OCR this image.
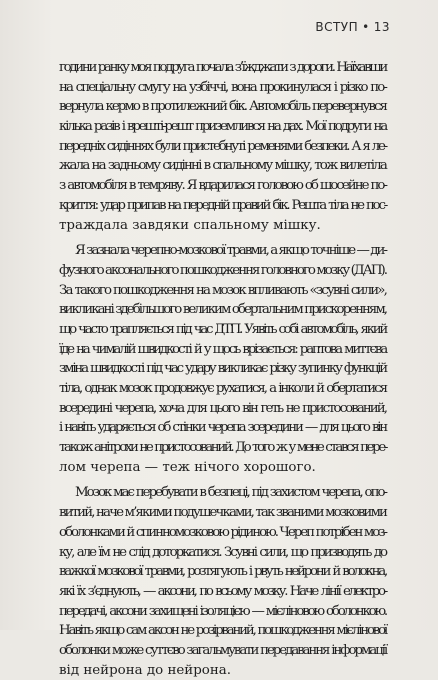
ВСТУП • 13
години ранку моя подруга почала з’їжджати з дороги. Наїхавши
на спеціальну смугу на узбіччі, вона прокинулася і різко по-
вернула кермо в протилежний бік. Автомобіль перевернувся
кілька разів і врешті-решт приземлився на дах. Мої подруги на
передніх сидіннях були пристебнуті ременями безпеки. А я ле-
жала на задньому сидінні в спальному мішку, тож вилетіла
з автомобіля в темряву. Я вдарилася головою об шосейне по-
криття: удар припав на передній правий бік. Решта тіла не пос-
траждала завдяки спальному мішку.
Я зазнала черепно-мозкової травми, а якщо точніше — ди-
фузного аксонального пошкодження головного мозку (ДАП).
За такого пошкодження на мозок впливають «зсувні сили»,
викликані здебільшого великим обертальним прискоренням,
що часто трапляється під час ДТП. Уявіть собі автомобіль, який
їде на чималій швидкості й у щось врізається: раптова миттєва
зміна швидкості під час удару викликає різку зупинку функцій
тіла, однак мозок продовжує рухатися, а інколи й обертатися
всередині черепа, хоча для цього він геть не пристосований,
і навіть ударяється об стінки черепа зсередини — для цього він
також анітрохи не пристосований. До того ж у мене стався пере-
лом черепа — теж нічого хорошого.
Мозок має перебувати в безпеці, під захистом черепа, опо-
витий, наче м’якими подушечками, так званими мозковими
оболонками й спинномозковою рідиною. Череп потрібен моз-
ку, але їм не слід доторкатися. Зсувні сили, що призводять до
важкої мозкової травми, розтягують і рвуть нейрони й волокна,
які їх з’єднують, — аксони, по всьому мозку. Наче лінії електро-
передачі, аксони захищені ізоляцією — мієліновою оболонкою.
Навіть якщо сам аксон не розірваний, пошкодження мієлінової
оболонки може суттєво загальмувати передавання інформації
від нейрона до нейрона.
